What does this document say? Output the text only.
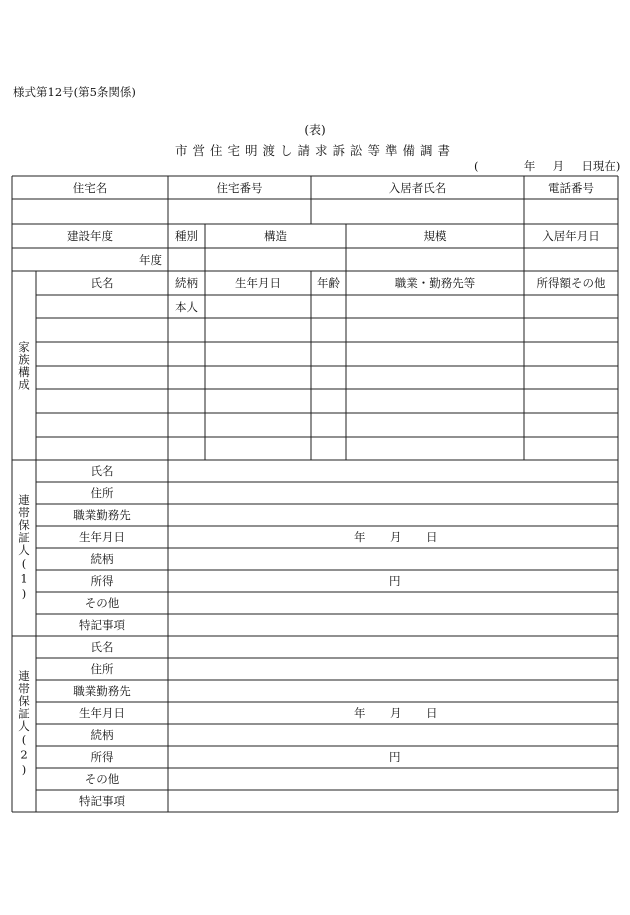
様式第12号(第5条関係)
(表)
市営住宅明渡し請求訴訟等準備調書
(	年 月 日現在)
住宅名	住宅番号	入居者氏名	電話番号
建設年度	種別	構造	規模	入居年月日
年度
家族構成
氏名	続柄	生年月日	年齢	職業・勤務先等	所得額その他
本人
連帯保証人(1)
氏名
住所
職業勤務先
生年月日	年 月 日
続柄
所得	円
その他
特記事項
連帯保証人(2)
氏名
住所
職業勤務先
生年月日	年 月 日
続柄
所得	円
その他
特記事項
